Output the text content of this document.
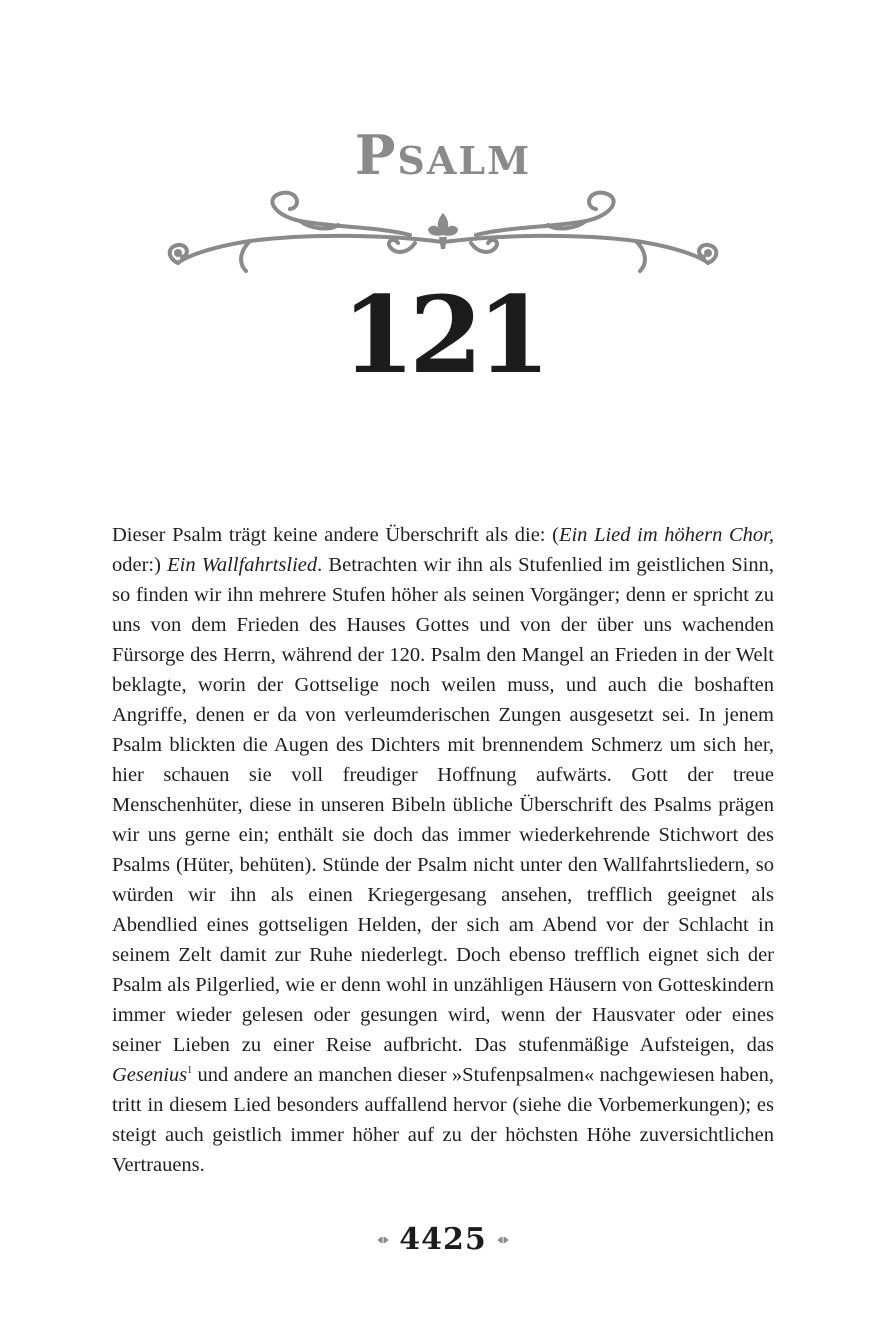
Psalm
121
Dieser Psalm trägt keine andere Überschrift als die: (Ein Lied im höhern Chor, oder:) Ein Wallfahrtslied. Betrachten wir ihn als Stufenlied im geistlichen Sinn, so finden wir ihn mehrere Stufen höher als seinen Vorgänger; denn er spricht zu uns von dem Frieden des Hauses Gottes und von der über uns wachenden Fürsorge des Herrn, während der 120. Psalm den Mangel an Frieden in der Welt beklagte, worin der Gottselige noch weilen muss, und auch die boshaften Angriffe, denen er da von verleumderischen Zungen ausgesetzt sei. In jenem Psalm blickten die Augen des Dichters mit brennendem Schmerz um sich her, hier schauen sie voll freudiger Hoffnung aufwärts. Gott der treue Menschenhüter, diese in unseren Bibeln übliche Überschrift des Psalms prägen wir uns gerne ein; enthält sie doch das immer wiederkehrende Stichwort des Psalms (Hüter, behüten). Stünde der Psalm nicht unter den Wallfahrtsliedern, so würden wir ihn als einen Kriegergesang ansehen, trefflich geeignet als Abendlied eines gottseligen Helden, der sich am Abend vor der Schlacht in seinem Zelt damit zur Ruhe niederlegt. Doch ebenso trefflich eignet sich der Psalm als Pilgerlied, wie er denn wohl in unzähligen Häusern von Gotteskindern immer wieder gelesen oder gesungen wird, wenn der Hausvater oder eines seiner Lieben zu einer Reise aufbricht. Das stufenmäßige Aufsteigen, das Gesenius$^1$ und andere an manchen dieser »Stufenpsalmen« nachgewiesen haben, tritt in diesem Lied besonders auffallend hervor (siehe die Vorbemerkungen); es steigt auch geistlich immer höher auf zu der höchsten Höhe zuversichtlichen Vertrauens.
4425
